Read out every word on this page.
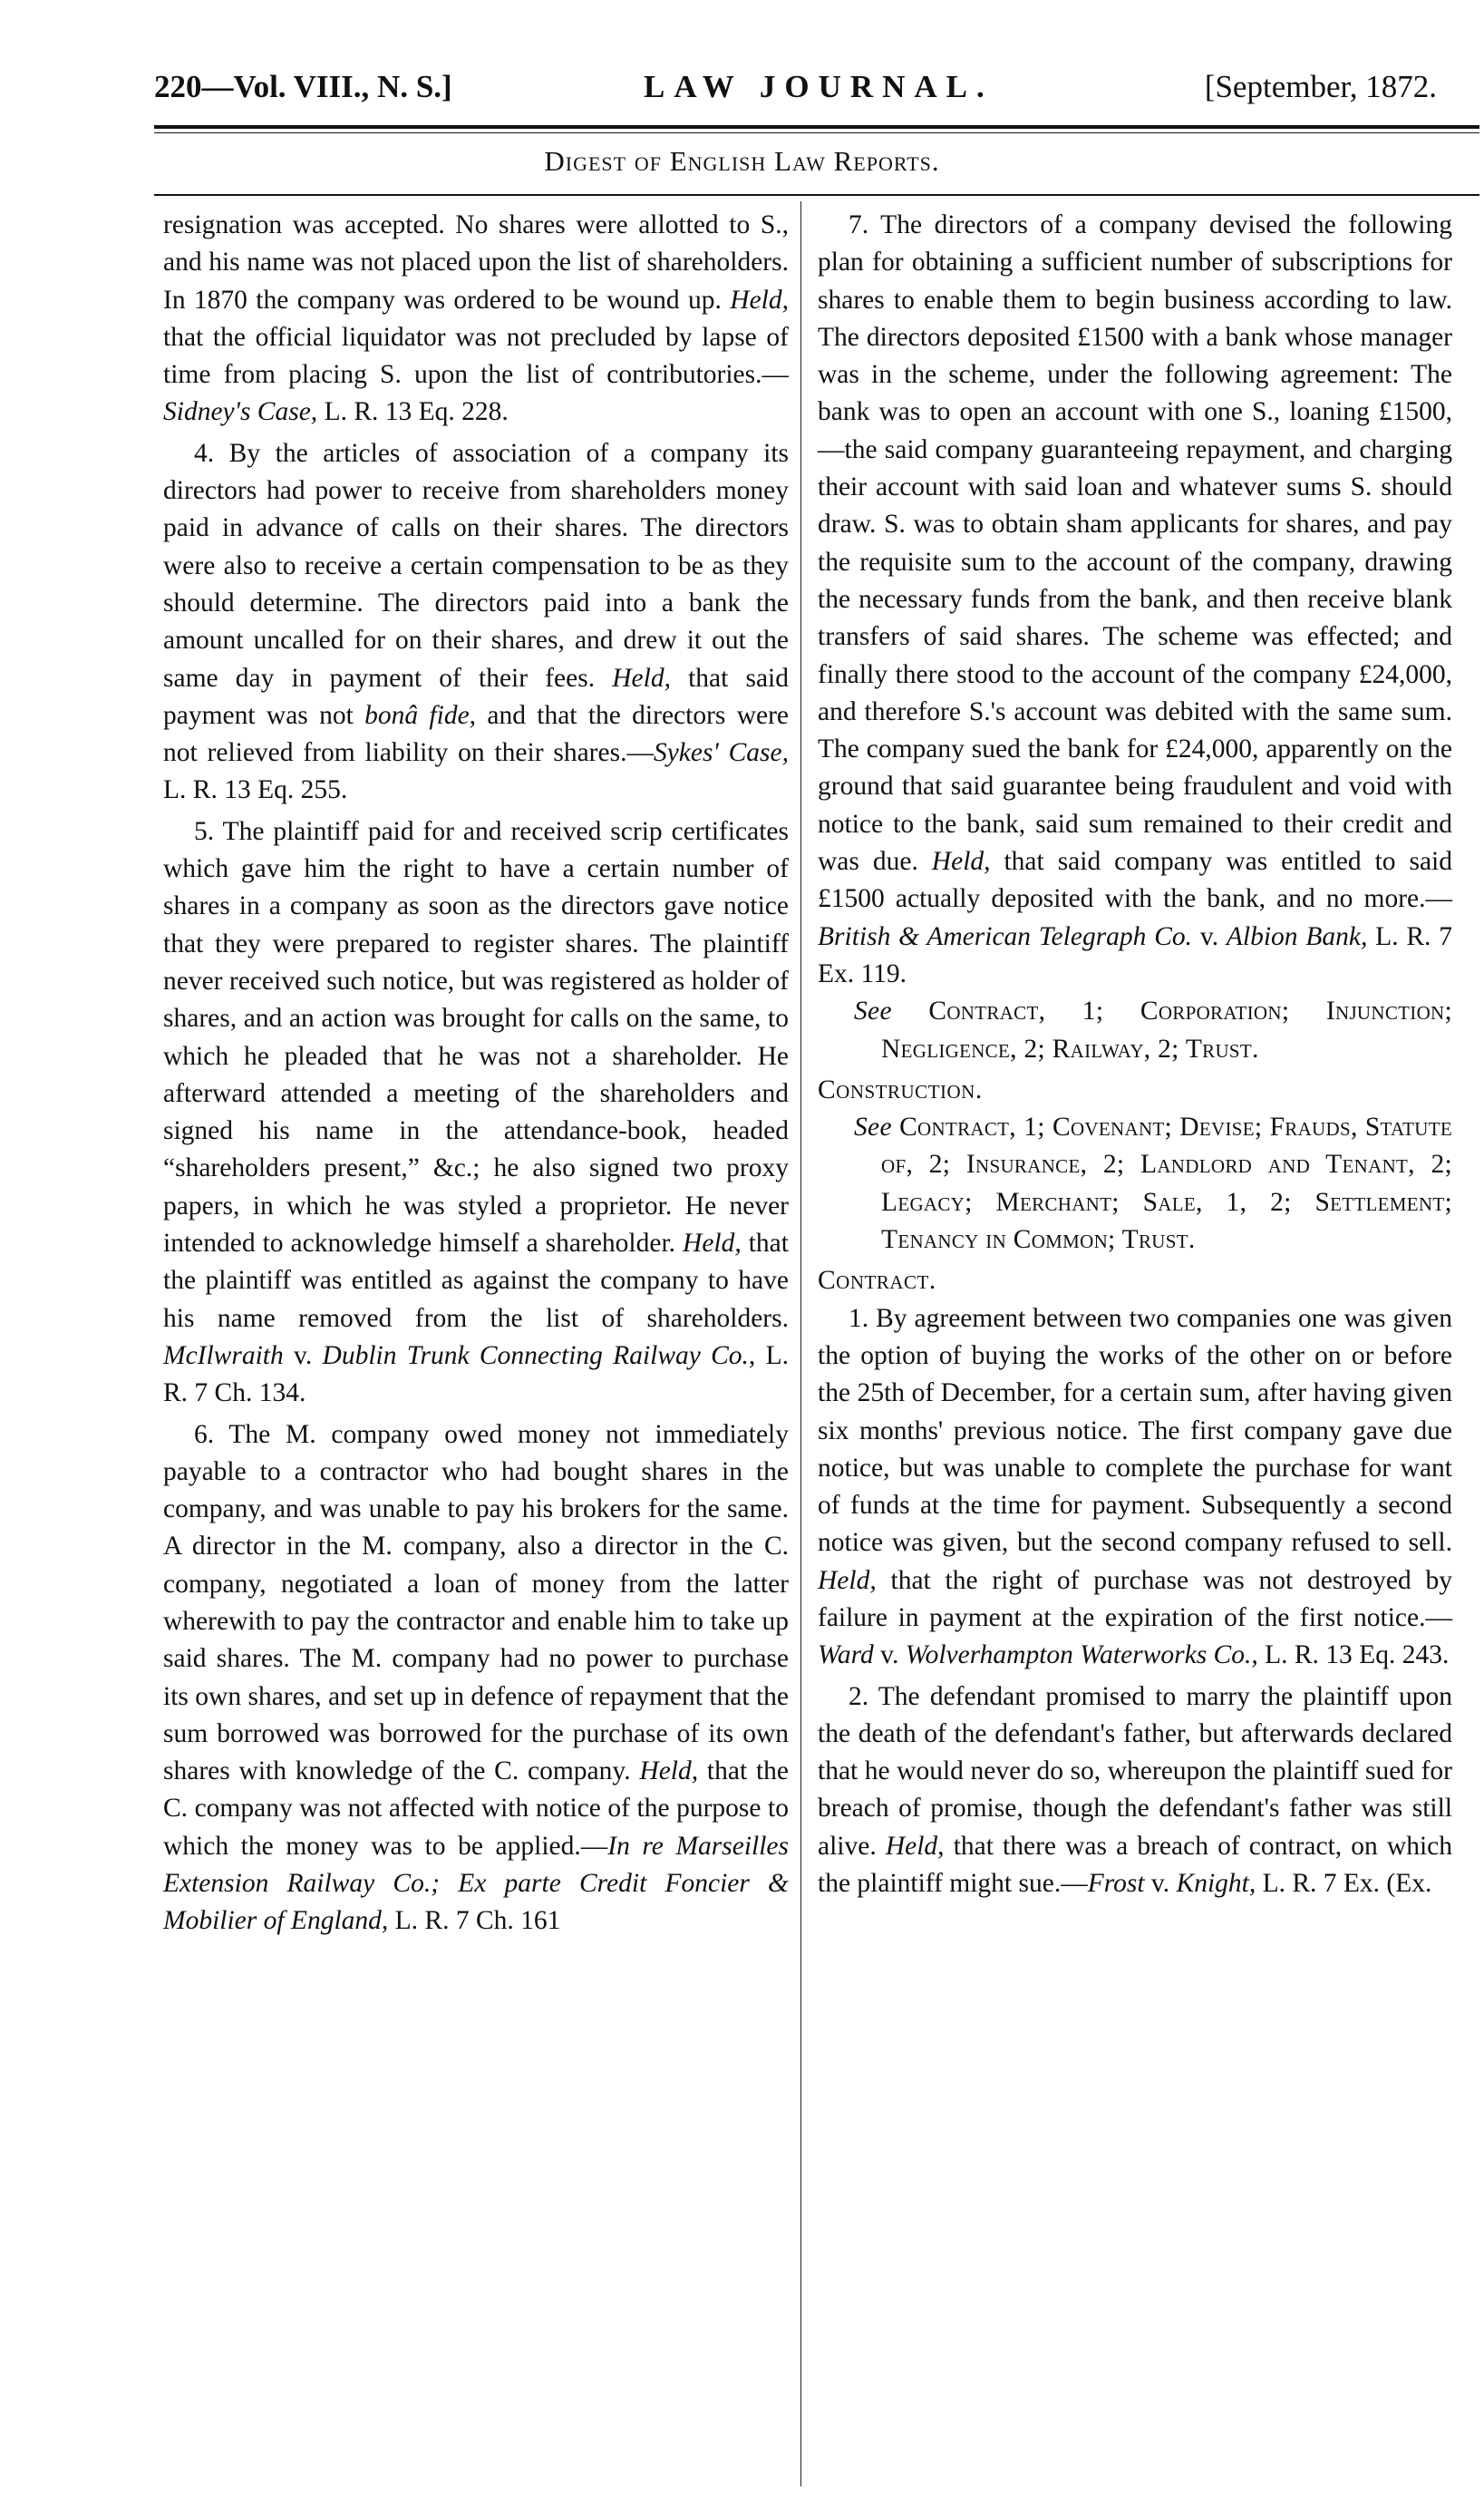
220—Vol. VIII., N. S.]	LAW JOURNAL.	[September, 1872.
Digest of English Law Reports.

resignation was accepted. No shares were allotted to S., and his name was not placed upon the list of shareholders. In 1870 the company was ordered to be wound up. Held, that the official liquidator was not precluded by lapse of time from placing S. upon the list of contributories.—Sidney's Case, L. R. 13 Eq. 228.

4. By the articles of association of a company its directors had power to receive from shareholders money paid in advance of calls on their shares. The directors were also to receive a certain compensation to be as they should determine. The directors paid into a bank the amount uncalled for on their shares, and drew it out the same day in payment of their fees. Held, that said payment was not bonâ fide, and that the directors were not relieved from liability on their shares.—Sykes' Case, L. R. 13 Eq. 255.

5. The plaintiff paid for and received scrip certificates which gave him the right to have a certain number of shares in a company as soon as the directors gave notice that they were prepared to register shares. The plaintiff never received such notice, but was registered as holder of shares, and an action was brought for calls on the same, to which he pleaded that he was not a shareholder. He afterward attended a meeting of the shareholders and signed his name in the attendance-book, headed “shareholders present,” &c.; he also signed two proxy papers, in which he was styled a proprietor. He never intended to acknowledge himself a shareholder. Held, that the plaintiff was entitled as against the company to have his name removed from the list of shareholders. McIlwraith v. Dublin Trunk Connecting Railway Co., L. R. 7 Ch. 134.

6. The M. company owed money not immediately payable to a contractor who had bought shares in the company, and was unable to pay his brokers for the same. A director in the M. company, also a director in the C. company, negotiated a loan of money from the latter wherewith to pay the contractor and enable him to take up said shares. The M. company had no power to purchase its own shares, and set up in defence of repayment that the sum borrowed was borrowed for the purchase of its own shares with knowledge of the C. company. Held, that the C. company was not affected with notice of the purpose to which the money was to be applied.—In re Marseilles Extension Railway Co.; Ex parte Credit Foncier & Mobilier of England, L. R. 7 Ch. 161

7. The directors of a company devised the following plan for obtaining a sufficient number of subscriptions for shares to enable them to begin business according to law. The directors deposited £1500 with a bank whose manager was in the scheme, under the following agreement: The bank was to open an account with one S., loaning £1500,—the said company guaranteeing repayment, and charging their account with said loan and whatever sums S. should draw. S. was to obtain sham applicants for shares, and pay the requisite sum to the account of the company, drawing the necessary funds from the bank, and then receive blank transfers of said shares. The scheme was effected; and finally there stood to the account of the company £24,000, and therefore S.'s account was debited with the same sum. The company sued the bank for £24,000, apparently on the ground that said guarantee being fraudulent and void with notice to the bank, said sum remained to their credit and was due. Held, that said company was entitled to said £1500 actually deposited with the bank, and no more.— British & American Telegraph Co. v. Albion Bank, L. R. 7 Ex. 119.

See Contract, 1; Corporation; Injunction; Negligence, 2; Railway, 2; Trust.

Construction.

See Contract, 1; Covenant; Devise; Frauds, Statute of, 2; Insurance, 2; Landlord and Tenant, 2; Legacy; Merchant; Sale, 1, 2; Settlement; Tenancy in Common; Trust.

Contract.

1. By agreement between two companies one was given the option of buying the works of the other on or before the 25th of December, for a certain sum, after having given six months' previous notice. The first company gave due notice, but was unable to complete the purchase for want of funds at the time for payment. Subsequently a second notice was given, but the second company refused to sell. Held, that the right of purchase was not destroyed by failure in payment at the expiration of the first notice.— Ward v. Wolverhampton Waterworks Co., L. R. 13 Eq. 243.

2. The defendant promised to marry the plaintiff upon the death of the defendant's father, but afterwards declared that he would never do so, whereupon the plaintiff sued for breach of promise, though the defendant's father was still alive. Held, that there was a breach of contract, on which the plaintiff might sue.—Frost v. Knight, L. R. 7 Ex. (Ex.
